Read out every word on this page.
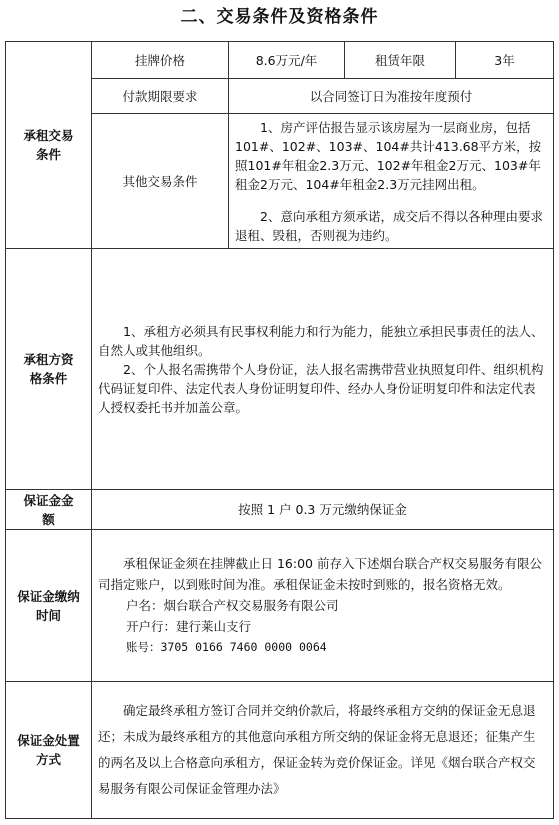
二、交易条件及资格条件
承租交易条件	挂牌价格	8.6万元/年	租赁年限	3年
	付款期限要求	以合同签订日为准按年度预付		
	其他交易条件	1、房产评估报告显示该房屋为一层商业房，包括101#、102#、103#、104#共计413.68平方米，按照101#年租金2.3万元、102#年租金2万元、103#年租金2万元、104#年租金2.3万元挂网出租。

2、意向承租方须承诺，成交后不得以各种理由要求退租、毁租，否则视为违约。		

承租方资格条件	1、承租方必须具有民事权利能力和行为能力，能独立承担民事责任的法人、自然人或其他组织。

2、个人报名需携带个人身份证，法人报名需携带营业执照复印件、组织机构代码证复印件、法定代表人身份证明复印件、经办人身份证明复印件和法定代表人授权委托书并加盖公章。			

保证金金额	按照 1 户 0.3 万元缴纳保证金			

保证金缴纳时间	承租保证金须在挂牌截止日 16:00 前存入下述烟台联合产权交易服务有限公司指定账户，以到账时间为准。承租保证金未按时到账的，报名资格无效。

户名：烟台联合产权交易服务有限公司

开户行：建行莱山支行

账号：3705 0166 7460 0000 0064			

保证金处置方式	确定最终承租方签订合同并交纳价款后，将最终承租方交纳的保证金无息退还；未成为最终承租方的其他意向承租方所交纳的保证金将无息退还；征集产生的两名及以上合格意向承租方，保证金转为竞价保证金。详见《烟台联合产权交易服务有限公司保证金管理办法》			
